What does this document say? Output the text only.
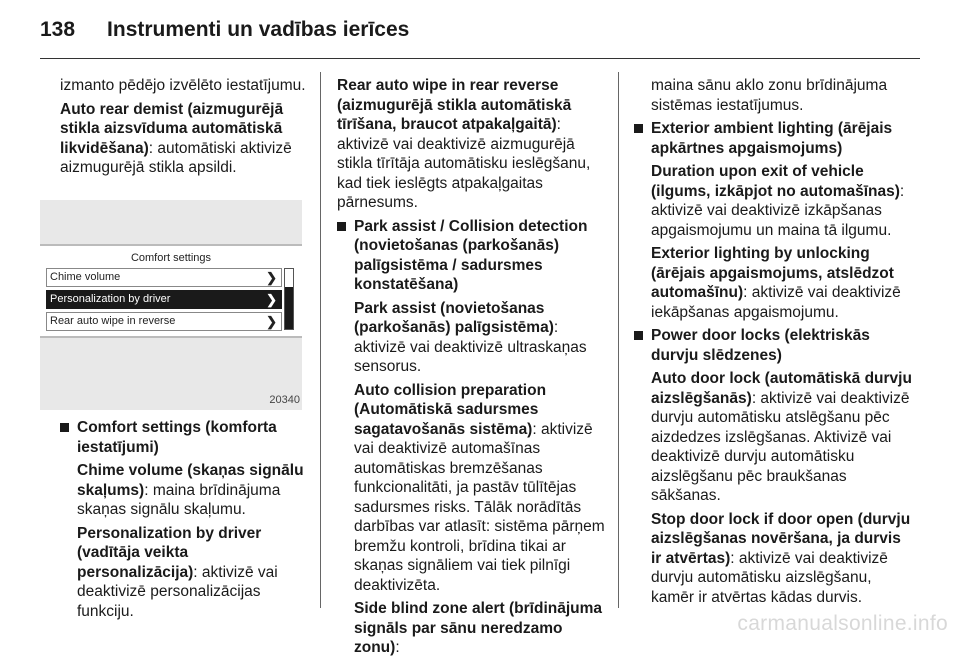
138 Instrumenti un vadības ierīces

izmanto pēdējo izvēlēto iestatījumu.

Auto rear demist (aizmugurējā stikla aizsvīduma automātiskā likvidēšana): automātiski aktivizē aizmugurējā stikla apsildi.

Comfort settings
Chime volume	❯
Personalization by driver	❯
Rear auto wipe in reverse	❯
20340

Comfort settings (komforta iestatījumi)

Chime volume (skaņas signālu skaļums): maina brīdinājuma skaņas signālu skaļumu.

Personalization by driver (vadītāja veikta personalizācija): aktivizē vai deaktivizē personalizācijas funkciju.

Rear auto wipe in rear reverse (aizmugurējā stikla automātiskā tīrīšana, braucot atpakaļgaitā): aktivizē vai deaktivizē aizmugurējā stikla tīrītāja automātisku ieslēgšanu, kad tiek ieslēgts atpakaļgaitas pārnesums.

Park assist / Collision detection (novietošanas (parkošanās) palīgsistēma / sadursmes konstatēšana)

Park assist (novietošanas (parkošanās) palīgsistēma): aktivizē vai deaktivizē ultraskaņas sensorus.

Auto collision preparation (Automātiskā sadursmes sagatavošanās sistēma): aktivizē vai deaktivizē automašīnas automātiskas bremzēšanas funkcionalitāti, ja pastāv tūlītējas sadursmes risks. Tālāk norādītās darbības var atlasīt: sistēma pārņem bremžu kontroli, brīdina tikai ar skaņas signāliem vai tiek pilnīgi deaktivizēta.

Side blind zone alert (brīdinājuma signāls par sānu neredzamo zonu):

maina sānu aklo zonu brīdinājuma sistēmas iestatījumus.

Exterior ambient lighting (ārējais apkārtnes apgaismojums)

Duration upon exit of vehicle (ilgums, izkāpjot no automašīnas): aktivizē vai deaktivizē izkāpšanas apgaismojumu un maina tā ilgumu.

Exterior lighting by unlocking (ārējais apgaismojums, atslēdzot automašīnu): aktivizē vai deaktivizē iekāpšanas apgaismojumu.

Power door locks (elektriskās durvju slēdzenes)

Auto door lock (automātiskā durvju aizslēgšanās): aktivizē vai deaktivizē durvju automātisku atslēgšanu pēc aizdedzes izslēgšanas. Aktivizē vai deaktivizē durvju automātisku aizslēgšanu pēc braukšanas sākšanas.

Stop door lock if door open (durvju aizslēgšanas novēršana, ja durvis ir atvērtas): aktivizē vai deaktivizē durvju automātisku aizslēgšanu, kamēr ir atvērtas kādas durvis.

carmanualsonline.info
